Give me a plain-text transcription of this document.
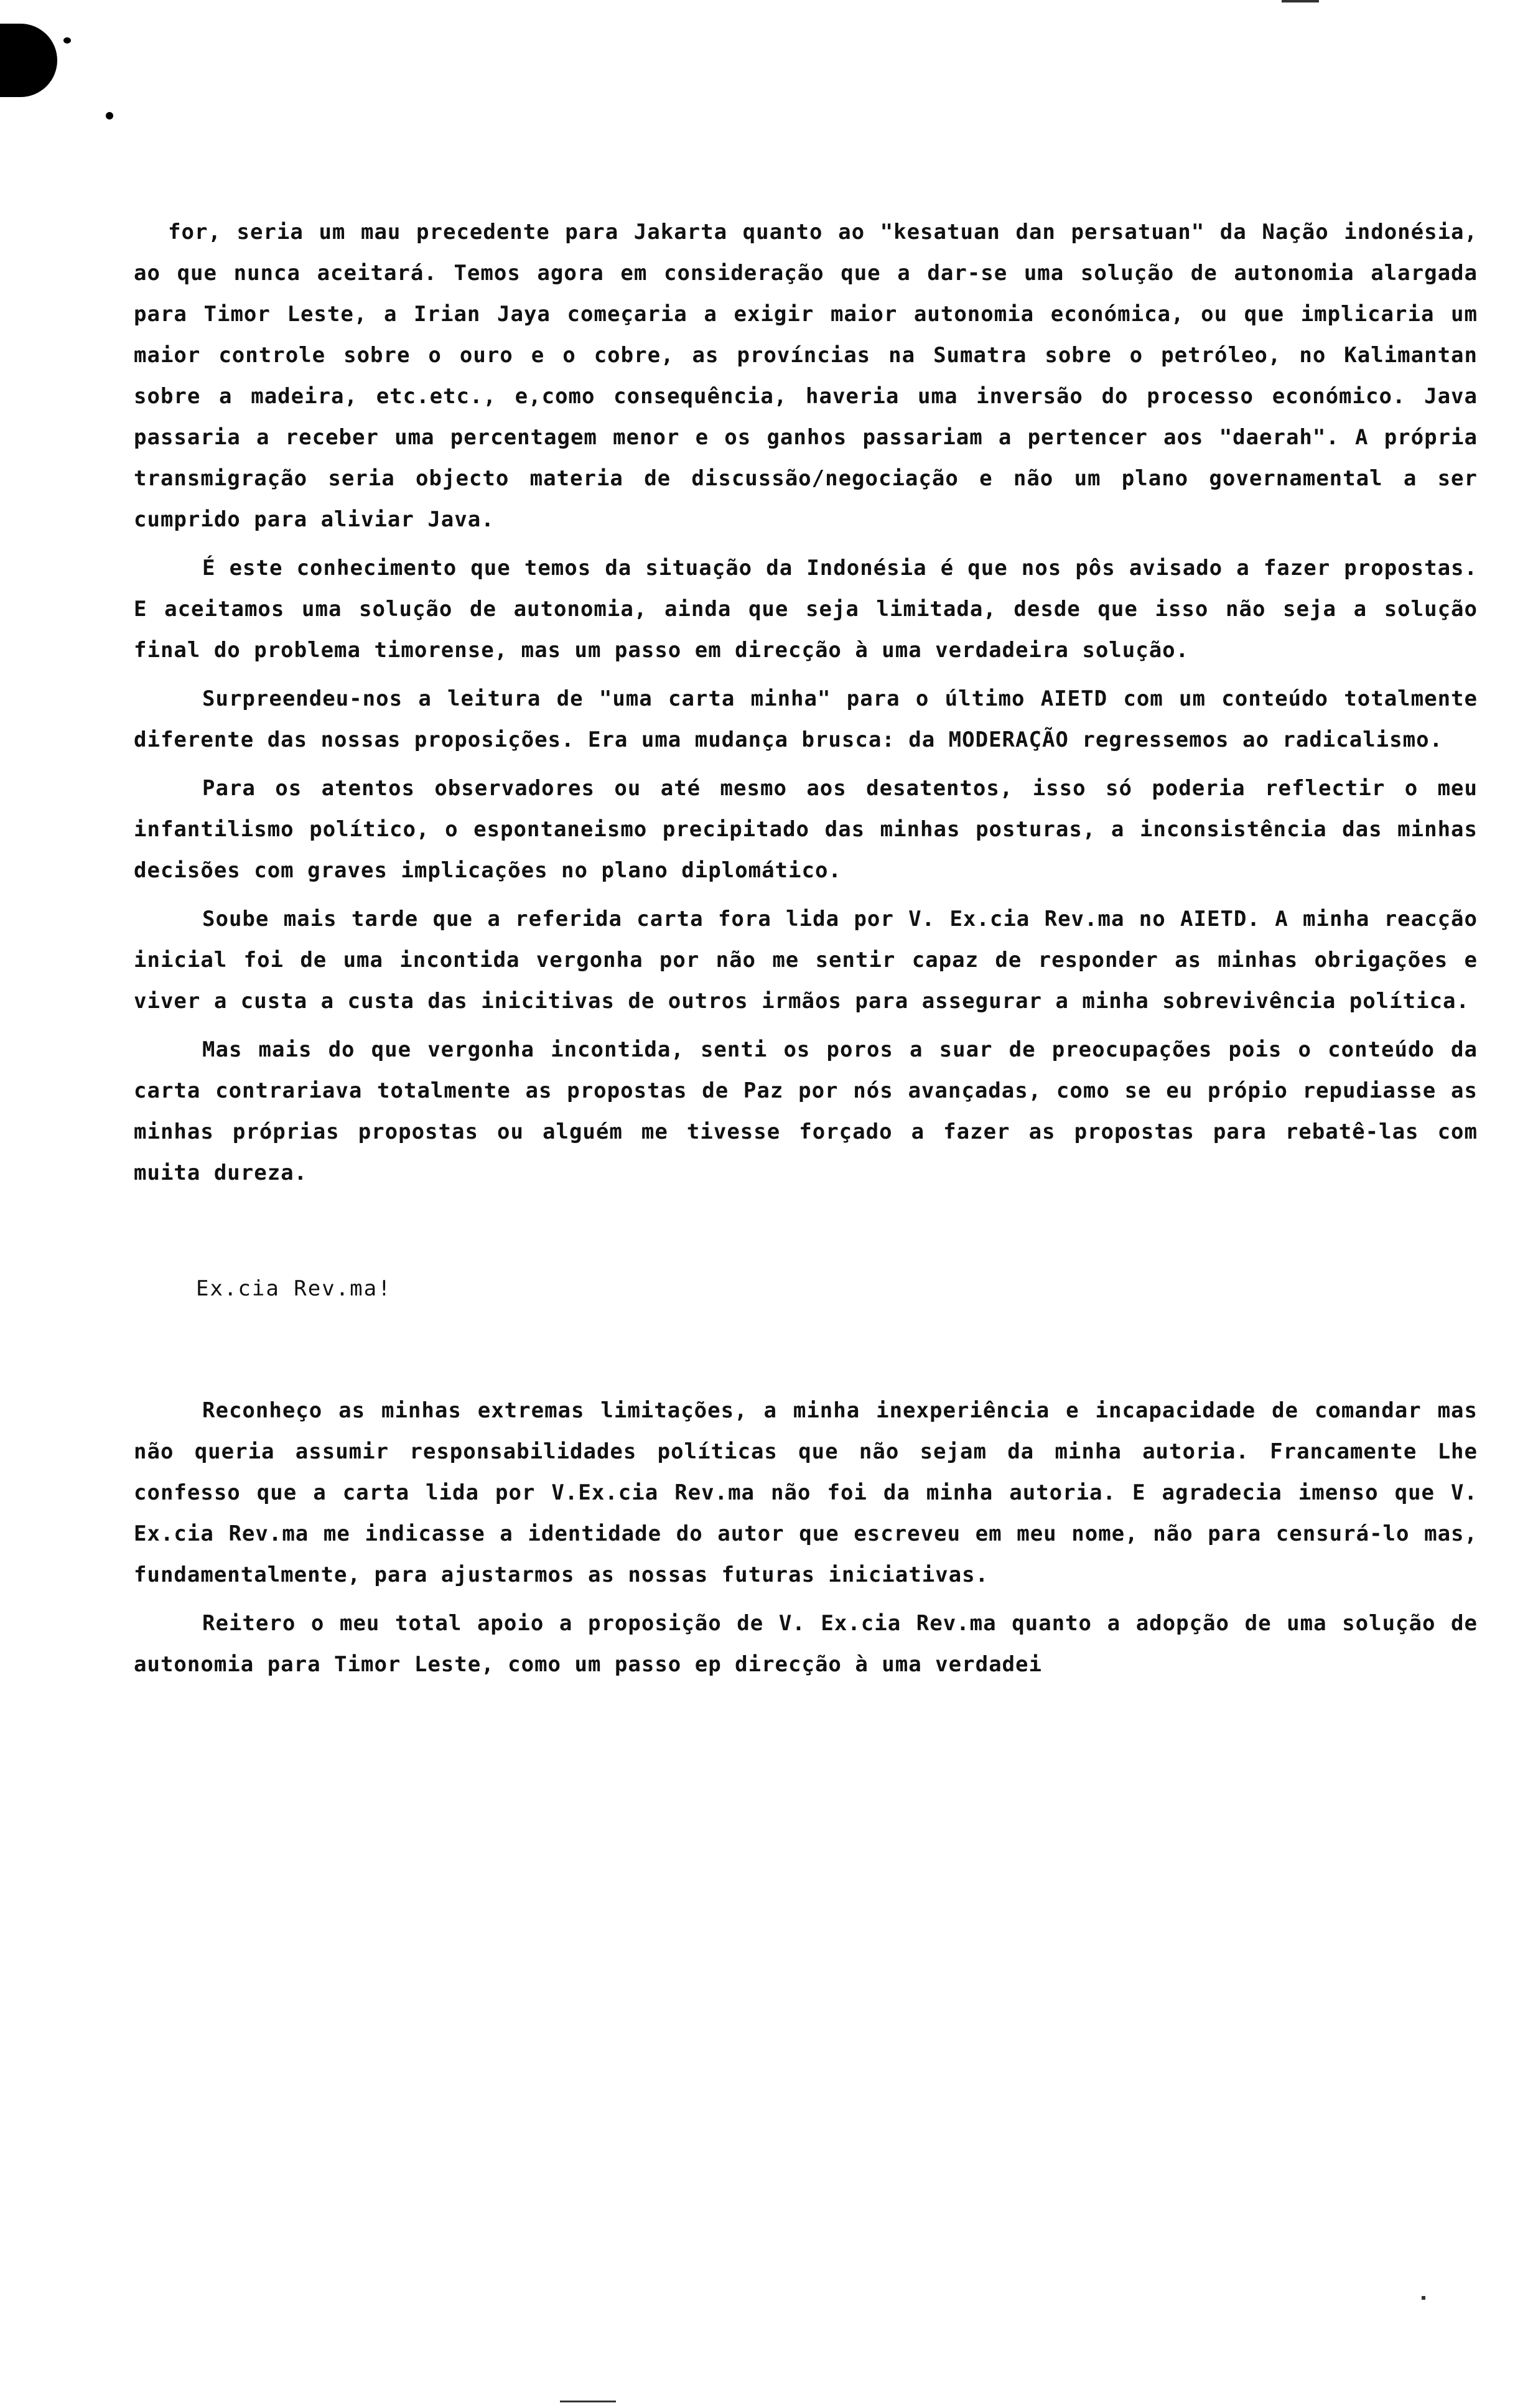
for, seria um mau precedente para Jakarta quanto ao "kesatuan dan persatuan" da Nação indonésia, ao que nunca aceitará. Temos agora em consideração que a dar-se uma solução de autonomia alargada para Timor Leste, a Irian Jaya começaria a exigir maior autonomia económica, ou que implicaria um maior controle sobre o ouro e o cobre, as províncias na Sumatra sobre o petróleo, no Kalimantan sobre a madeira, etc.etc., e,como consequência, haveria uma inversão do processo económico. Java passaria a receber uma percentagem menor e os ganhos passariam a pertencer aos "daerah". A própria transmigração seria objecto materia de discussão/negociação e não um plano governamental a ser cumprido para aliviar Java.

É este conhecimento que temos da situação da Indonésia é que nos pôs avisado a fazer propostas. E aceitamos uma solução de autonomia, ainda que seja limitada, desde que isso não seja a solução final do problema timorense, mas um passo em direcção à uma verdadeira solução.

Surpreendeu-nos a leitura de "uma carta minha" para o último AIETD com um conteúdo totalmente diferente das nossas proposições. Era uma mudança brusca: da MODERAÇÃO regressemos ao radicalismo.

Para os atentos observadores ou até mesmo aos desatentos, isso só poderia reflectir o meu infantilismo político, o espontaneismo precipitado das minhas posturas, a inconsistência das minhas decisões com graves implicações no plano diplomático.

Soube mais tarde que a referida carta fora lida por V. Ex.cia Rev.ma no AIETD. A minha reacção inicial foi de uma incontida vergonha por não me sentir capaz de responder as minhas obrigações e viver a custa a custa das inicitivas de outros irmãos para assegurar a minha sobrevivência política.

Mas mais do que vergonha incontida, senti os poros a suar de preocupações pois o conteúdo da carta contrariava totalmente as propostas de Paz por nós avançadas, como se eu própio repudiasse as minhas próprias propostas ou alguém me tivesse forçado a fazer as propostas para rebatê-las com muita dureza.

Ex.cia Rev.ma!

Reconheço as minhas extremas limitações, a minha inexperiência e incapacidade de comandar mas não queria assumir responsabilidades políticas que não sejam da minha autoria. Francamente Lhe confesso que a carta lida por V.Ex.cia Rev.ma não foi da minha autoria. E agradecia imenso que V. Ex.cia Rev.ma me indicasse a identidade do autor que escreveu em meu nome, não para censurá-lo mas, fundamentalmente, para ajustarmos as nossas futuras iniciativas.

Reitero o meu total apoio a proposição de V. Ex.cia Rev.ma quanto a adopção de uma solução de autonomia para Timor Leste, como um passo ep direcção à uma verdadei
